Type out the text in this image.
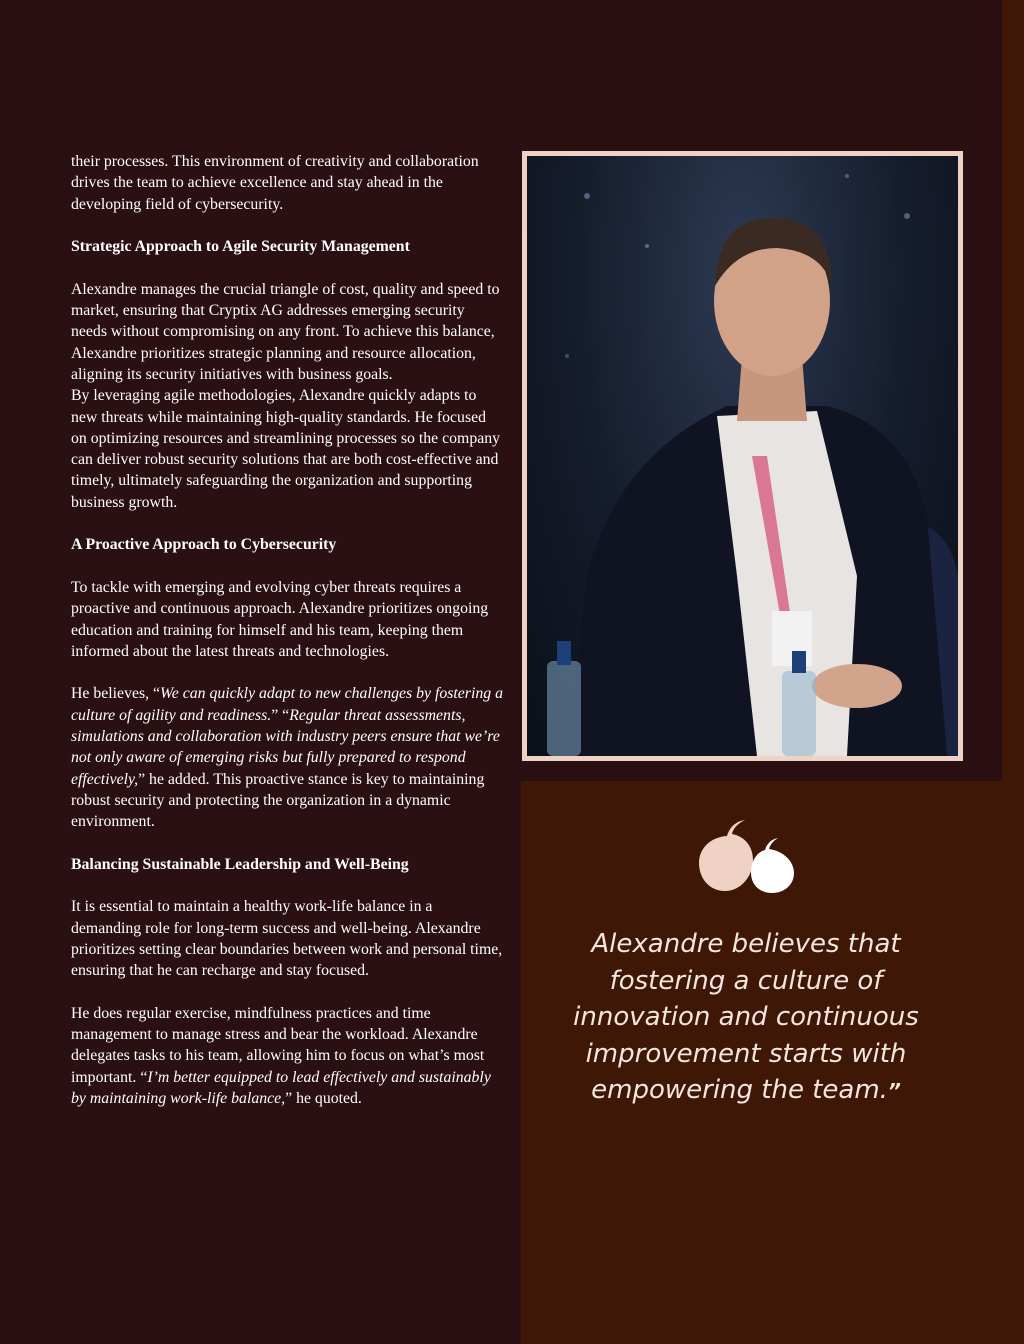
their processes. This environment of creativity and collaboration drives the team to achieve excellence and stay ahead in the developing field of cybersecurity.

Strategic Approach to Agile Security Management

Alexandre manages the crucial triangle of cost, quality and speed to market, ensuring that Cryptix AG addresses emerging security needs without compromising on any front. To achieve this balance, Alexandre prioritizes strategic planning and resource allocation, aligning its security initiatives with business goals.

By leveraging agile methodologies, Alexandre quickly adapts to new threats while maintaining high-quality standards. He focused on optimizing resources and streamlining processes so the company can deliver robust security solutions that are both cost-effective and timely, ultimately safeguarding the organization and supporting business growth.

A Proactive Approach to Cybersecurity

To tackle with emerging and evolving cyber threats requires a proactive and continuous approach. Alexandre prioritizes ongoing education and training for himself and his team, keeping them informed about the latest threats and technologies.

He believes, “We can quickly adapt to new challenges by fostering a culture of agility and readiness.” “Regular threat assessments, simulations and collaboration with industry peers ensure that we’re not only aware of emerging risks but fully prepared to respond effectively,” he added. This proactive stance is key to maintaining robust security and protecting the organization in a dynamic environment.

Balancing Sustainable Leadership and Well-Being

It is essential to maintain a healthy work-life balance in a demanding role for long-term success and well-being. Alexandre prioritizes setting clear boundaries between work and personal time, ensuring that he can recharge and stay focused.

He does regular exercise, mindfulness practices and time management to manage stress and bear the workload. Alexandre delegates tasks to his team, allowing him to focus on what’s most important. “I’m better equipped to lead effectively and sustainably by maintaining work-life balance,” he quoted.

Alexandre believes that fostering a culture of innovation and continuous improvement starts with empowering the team.”
